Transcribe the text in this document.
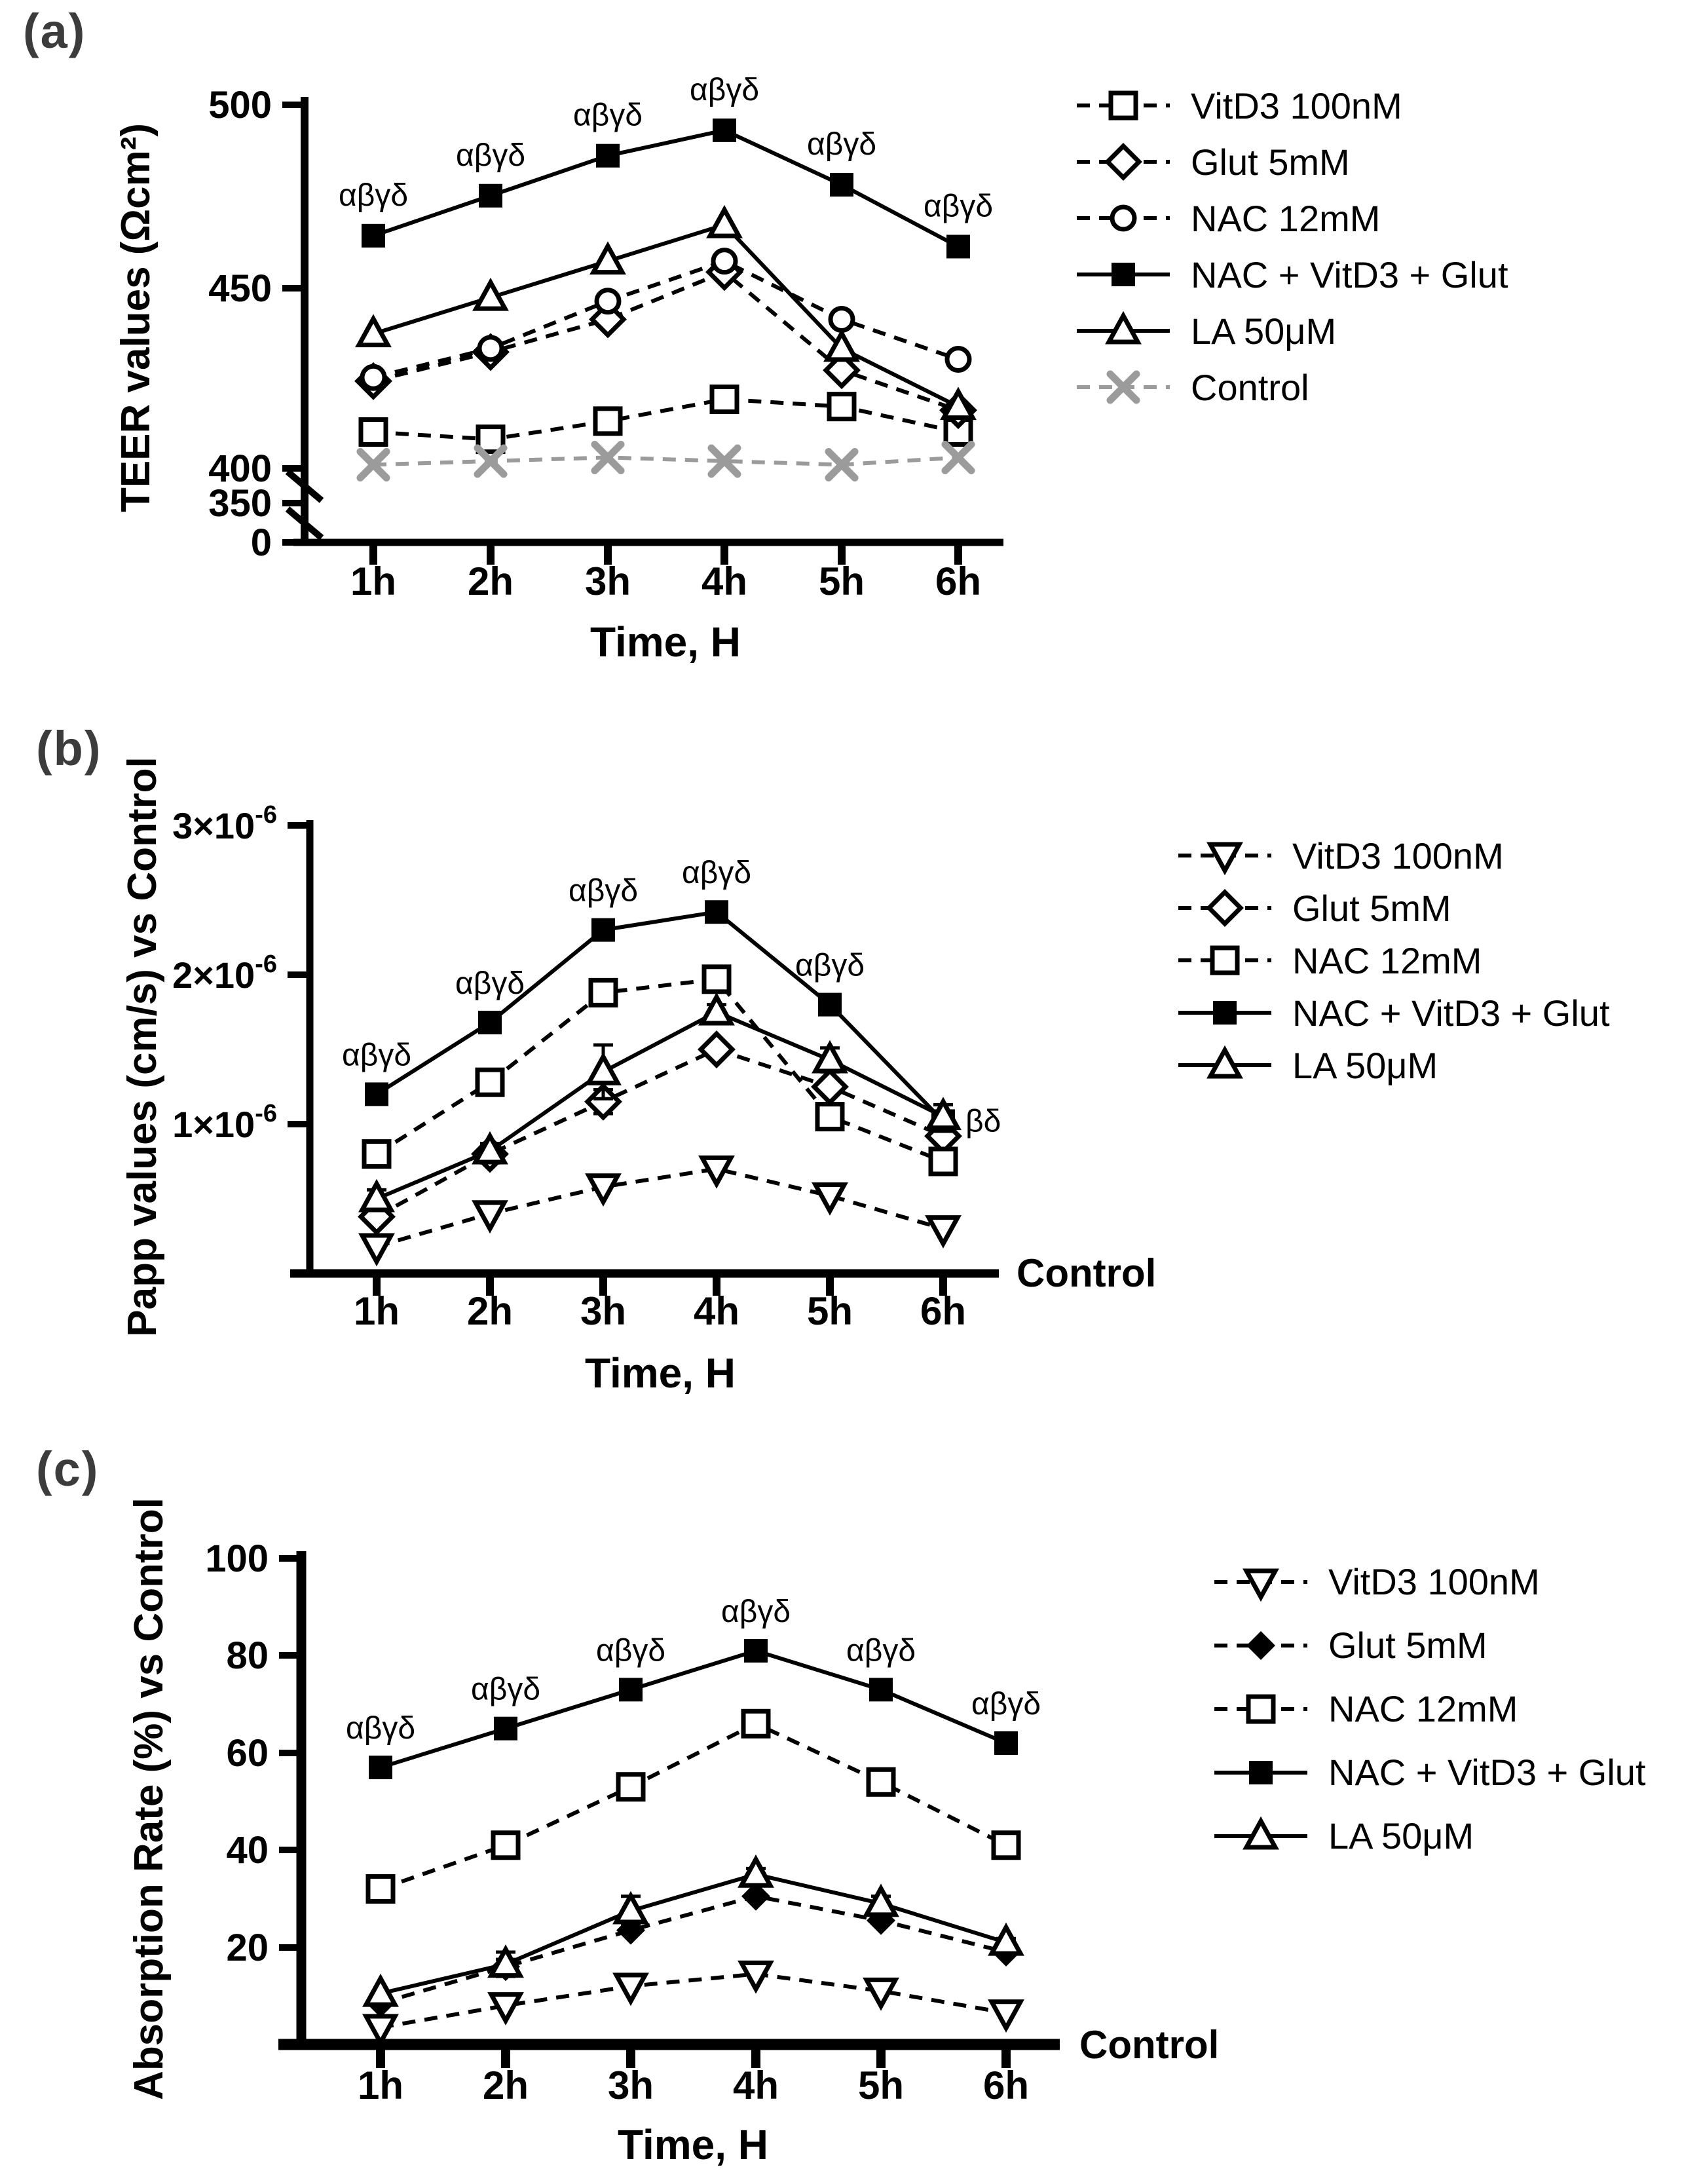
(a)
500
450
400
350
0
1h 2h 3h 4h 5h 6h
Time, H
TEER values (Ωcm²)	αβγδ
αβγδ
αβγδ
αβγδ
αβγδ
αβγδ
VitD3 100nM
Glut 5mM
NAC 12mM
NAC + VitD3 + Glut
LA 50μM
Control
(b)
$3\times 10^{-6}$
$2\times 10^{-6}$
$1\times 10^{-6}$
1h 2h 3h 4h 5h 6h
Control
Time, H
Papp values (cm/s) vs Control	αβγδ
αβγδ
αβγδ
αβγδ
αβγδ
βδ
VitD3 100nM
Glut 5mM
NAC 12mM
NAC + VitD3 + Glut
LA 50μM
(c)
100
80
60
40
20
1h 2h 3h 4h 5h 6h
Control
Time, H
Absorption Rate (%) vs Control	αβγδ
αβγδ
αβγδ
αβγδ
αβγδ
αβγδ
VitD3 100nM
Glut 5mM
NAC 12mM
NAC + VitD3 + Glut
LA 50μM
